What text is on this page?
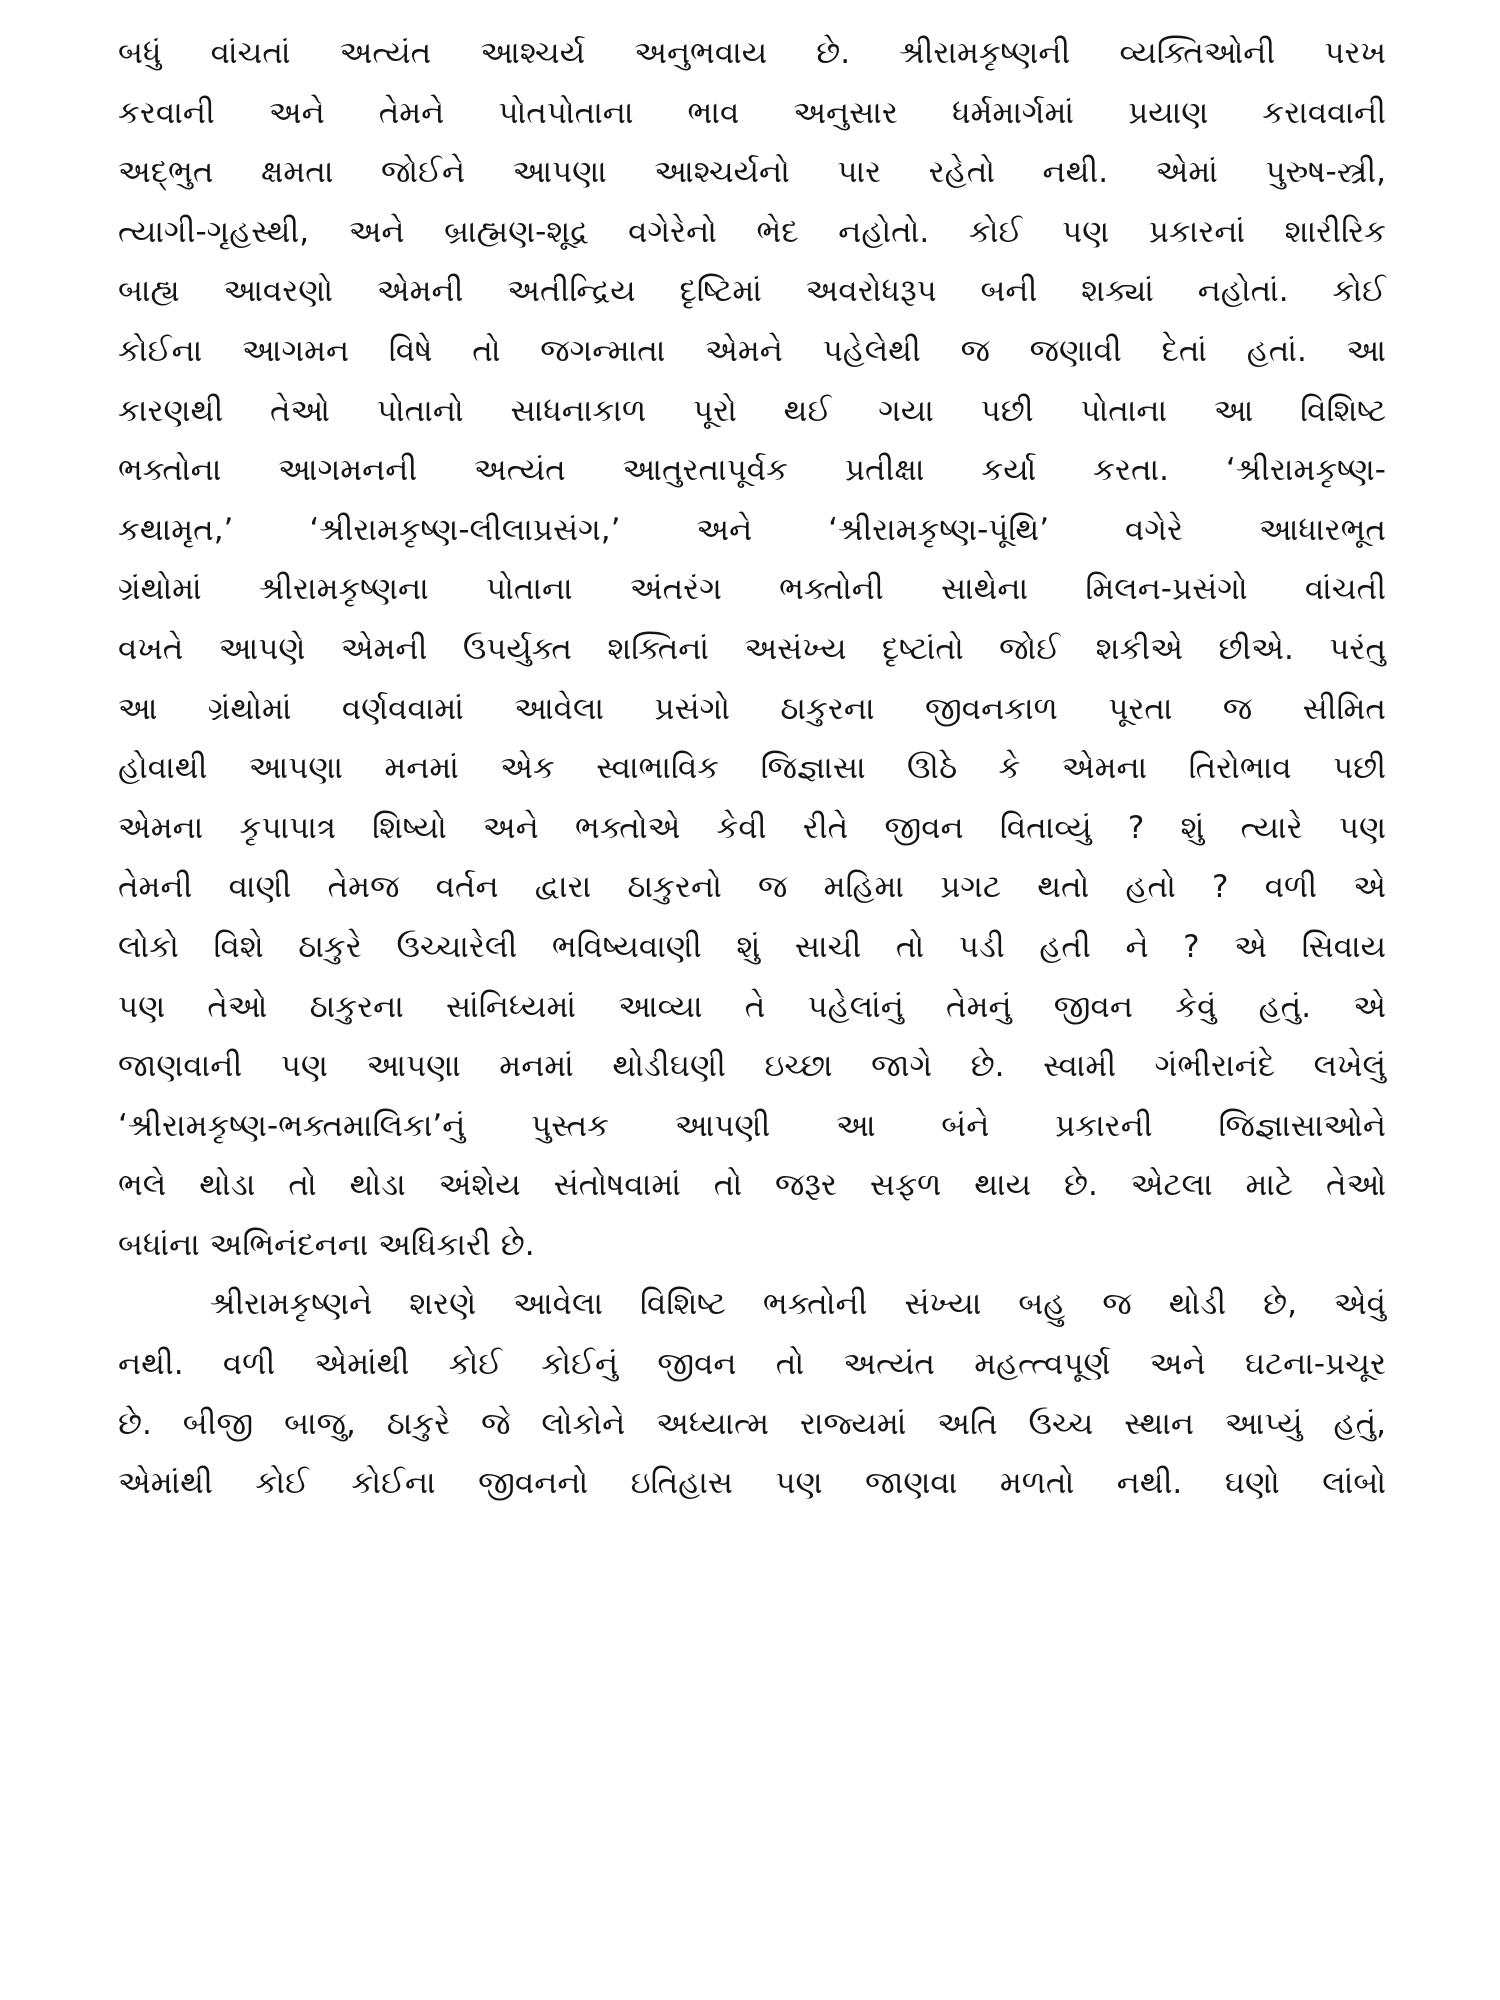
બધું વાંચતાં અત્યંત આશ્ચર્ય અનુભવાય છે. શ્રીરામકૃષ્ણની વ્યક્તિઓની પરખ
કરવાની અને તેમને પોતપોતાના ભાવ અનુસાર ધર્મમાર્ગમાં પ્રયાણ કરાવવાની
અદ્‌ભુત ક્ષમતા જોઈને આપણા આશ્ચર્યનો પાર રહેતો નથી. એમાં પુરુષ-સ્ત્રી,
ત્યાગી-ગૃહસ્થી, અને બ્રાહ્મણ-શૂદ્ર વગેરેનો ભેદ નહોતો. કોઈ પણ પ્રકારનાં શારીરિક
બાહ્ય આવરણો એમની અતીન્દ્રિય દૃષ્ટિમાં અવરોધરૂપ બની શક્યાં નહોતાં. કોઈ
કોઈના આગમન વિષે તો જગન્માતા એમને પહેલેથી જ જણાવી દેતાં હતાં. આ
કારણથી તેઓ પોતાનો સાધનાકાળ પૂરો થઈ ગયા પછી પોતાના આ વિશિષ્ટ
ભક્તોના આગમનની અત્યંત આતુરતાપૂર્વક પ્રતીક્ષા કર્યા કરતા. ‘શ્રીરામકૃષ્ણ-
કથામૃત,’ ‘શ્રીરામકૃષ્ણ-લીલાપ્રસંગ,’ અને ‘શ્રીરામકૃષ્ણ-પૂંથિ’ વગેરે આધારભૂત
ગ્રંથોમાં શ્રીરામકૃષ્ણના પોતાના અંતરંગ ભક્તોની સાથેના મિલન-પ્રસંગો વાંચતી
વખતે આપણે એમની ઉપર્યુક્ત શક્તિનાં અસંખ્ય દૃષ્ટાંતો જોઈ શકીએ છીએ. પરંતુ
આ ગ્રંથોમાં વર્ણવવામાં આવેલા પ્રસંગો ઠાકુરના જીવનકાળ પૂરતા જ સીમિત
હોવાથી આપણા મનમાં એક સ્વાભાવિક જિજ્ઞાસા ઊઠે કે એમના તિરોભાવ પછી
એમના કૃપાપાત્ર શિષ્યો અને ભક્તોએ કેવી રીતે જીવન વિતાવ્યું ? શું ત્યારે પણ
તેમની વાણી તેમજ વર્તન દ્વારા ઠાકુરનો જ મહિમા પ્રગટ થતો હતો ? વળી એ
લોકો વિશે ઠાકુરે ઉચ્ચારેલી ભવિષ્યવાણી શું સાચી તો પડી હતી ને ? એ સિવાય
પણ તેઓ ઠાકુરના સાંનિધ્યમાં આવ્યા તે પહેલાંનું તેમનું જીવન કેવું હતું. એ
જાણવાની પણ આપણા મનમાં થોડીઘણી ઇચ્છા જાગે છે. સ્વામી ગંભીરાનંદે લખેલું
‘શ્રીરામકૃષ્ણ-ભક્તમાલિકા’નું પુસ્તક આપણી આ બંને પ્રકારની જિજ્ઞાસાઓને
ભલે થોડા તો થોડા અંશેય સંતોષવામાં તો જરૂર સફળ થાય છે. એટલા માટે તેઓ
બધાંના અભિનંદનના અધિકારી છે.
શ્રીરામકૃષ્ણને શરણે આવેલા વિશિષ્ટ ભક્તોની સંખ્યા બહુ જ થોડી છે, એવું
નથી. વળી એમાંથી કોઈ કોઈનું જીવન તો અત્યંત મહત્ત્વપૂર્ણ અને ઘટના-પ્રચૂર
છે. બીજી બાજુ, ઠાકુરે જે લોકોને અધ્યાત્મ રાજ્યમાં અતિ ઉચ્ચ સ્થાન આપ્યું હતું,
એમાંથી કોઈ કોઈના જીવનનો ઇતિહાસ પણ જાણવા મળતો નથી. ઘણો લાંબો
